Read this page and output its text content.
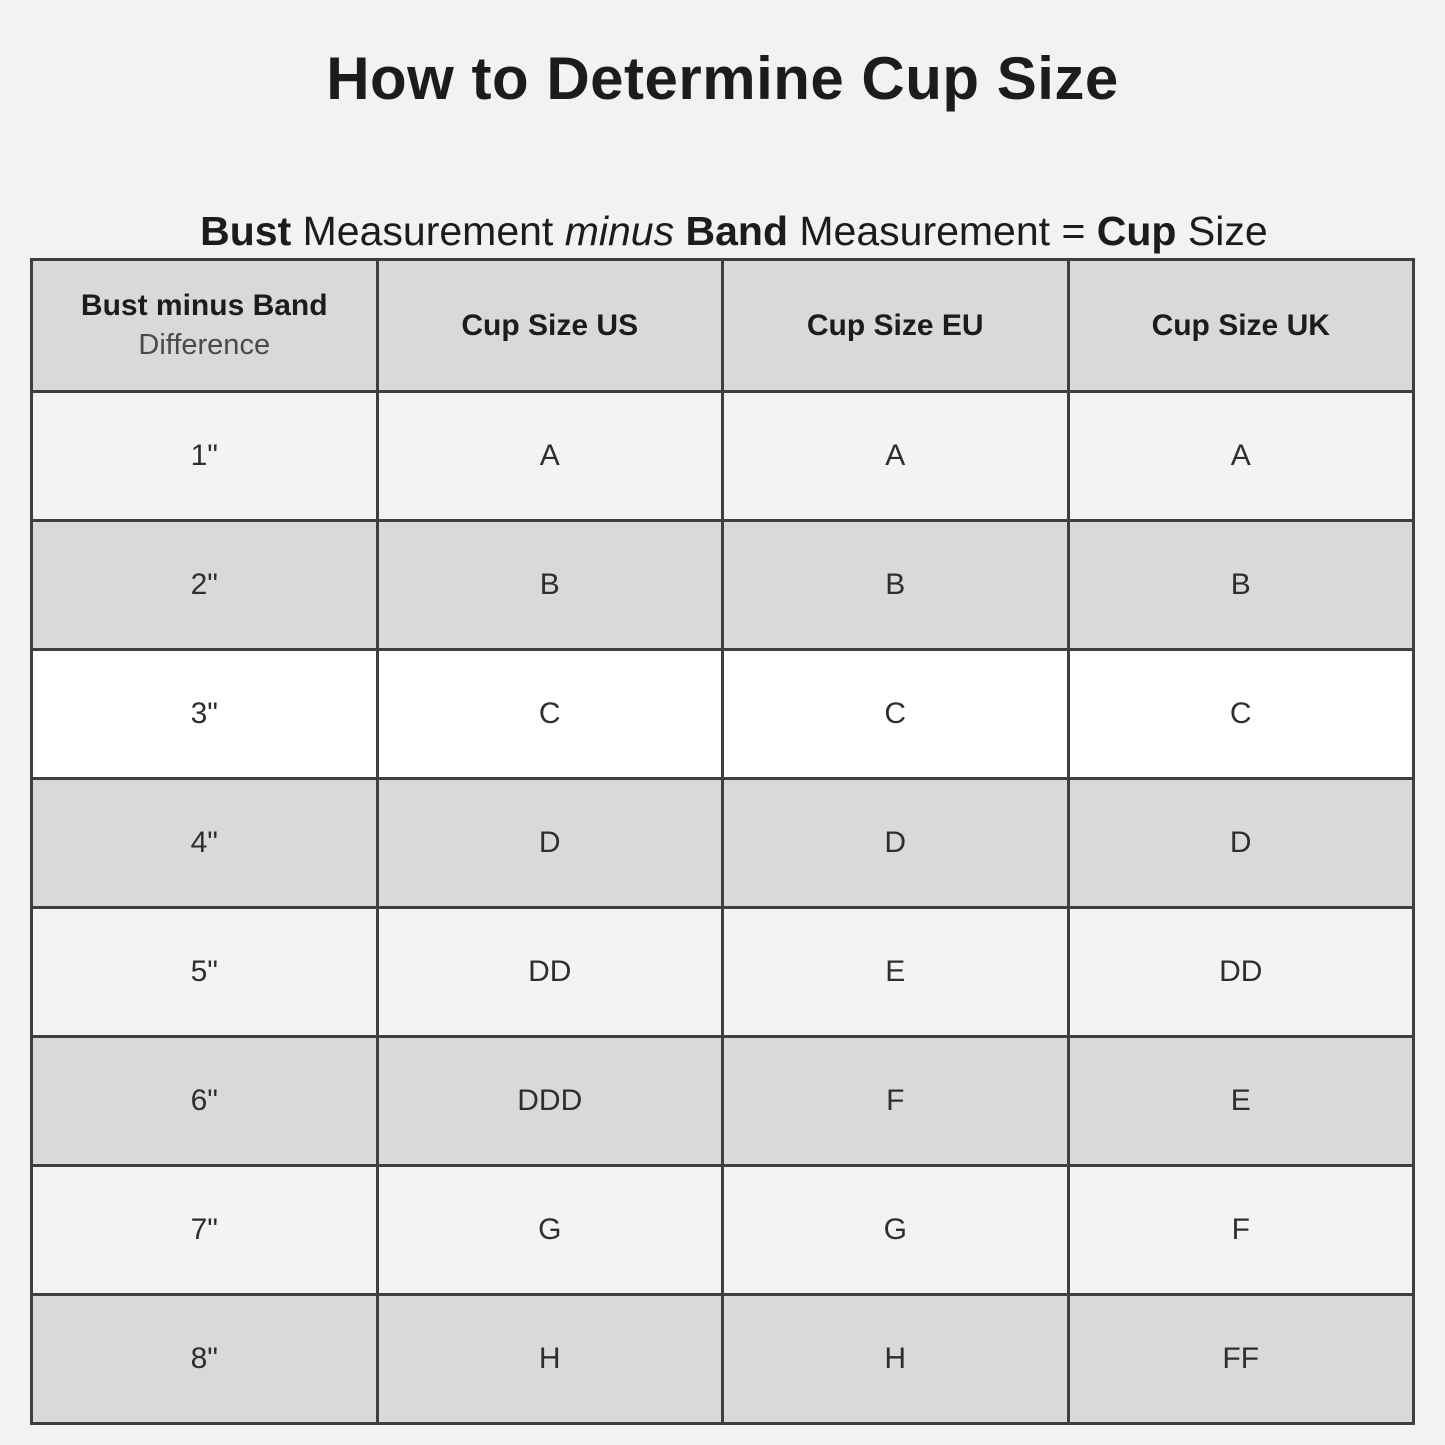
How to Determine Cup Size

Bust Measurement minus Band Measurement = Cup Size

Bust minus Band
Difference	Cup Size US	Cup Size EU	Cup Size UK
1"	A	A	A
2"	B	B	B
3"	C	C	C
4"	D	D	D
5"	DD	E	DD
6"	DDD	F	E
7"	G	G	F
8"	H	H	FF
